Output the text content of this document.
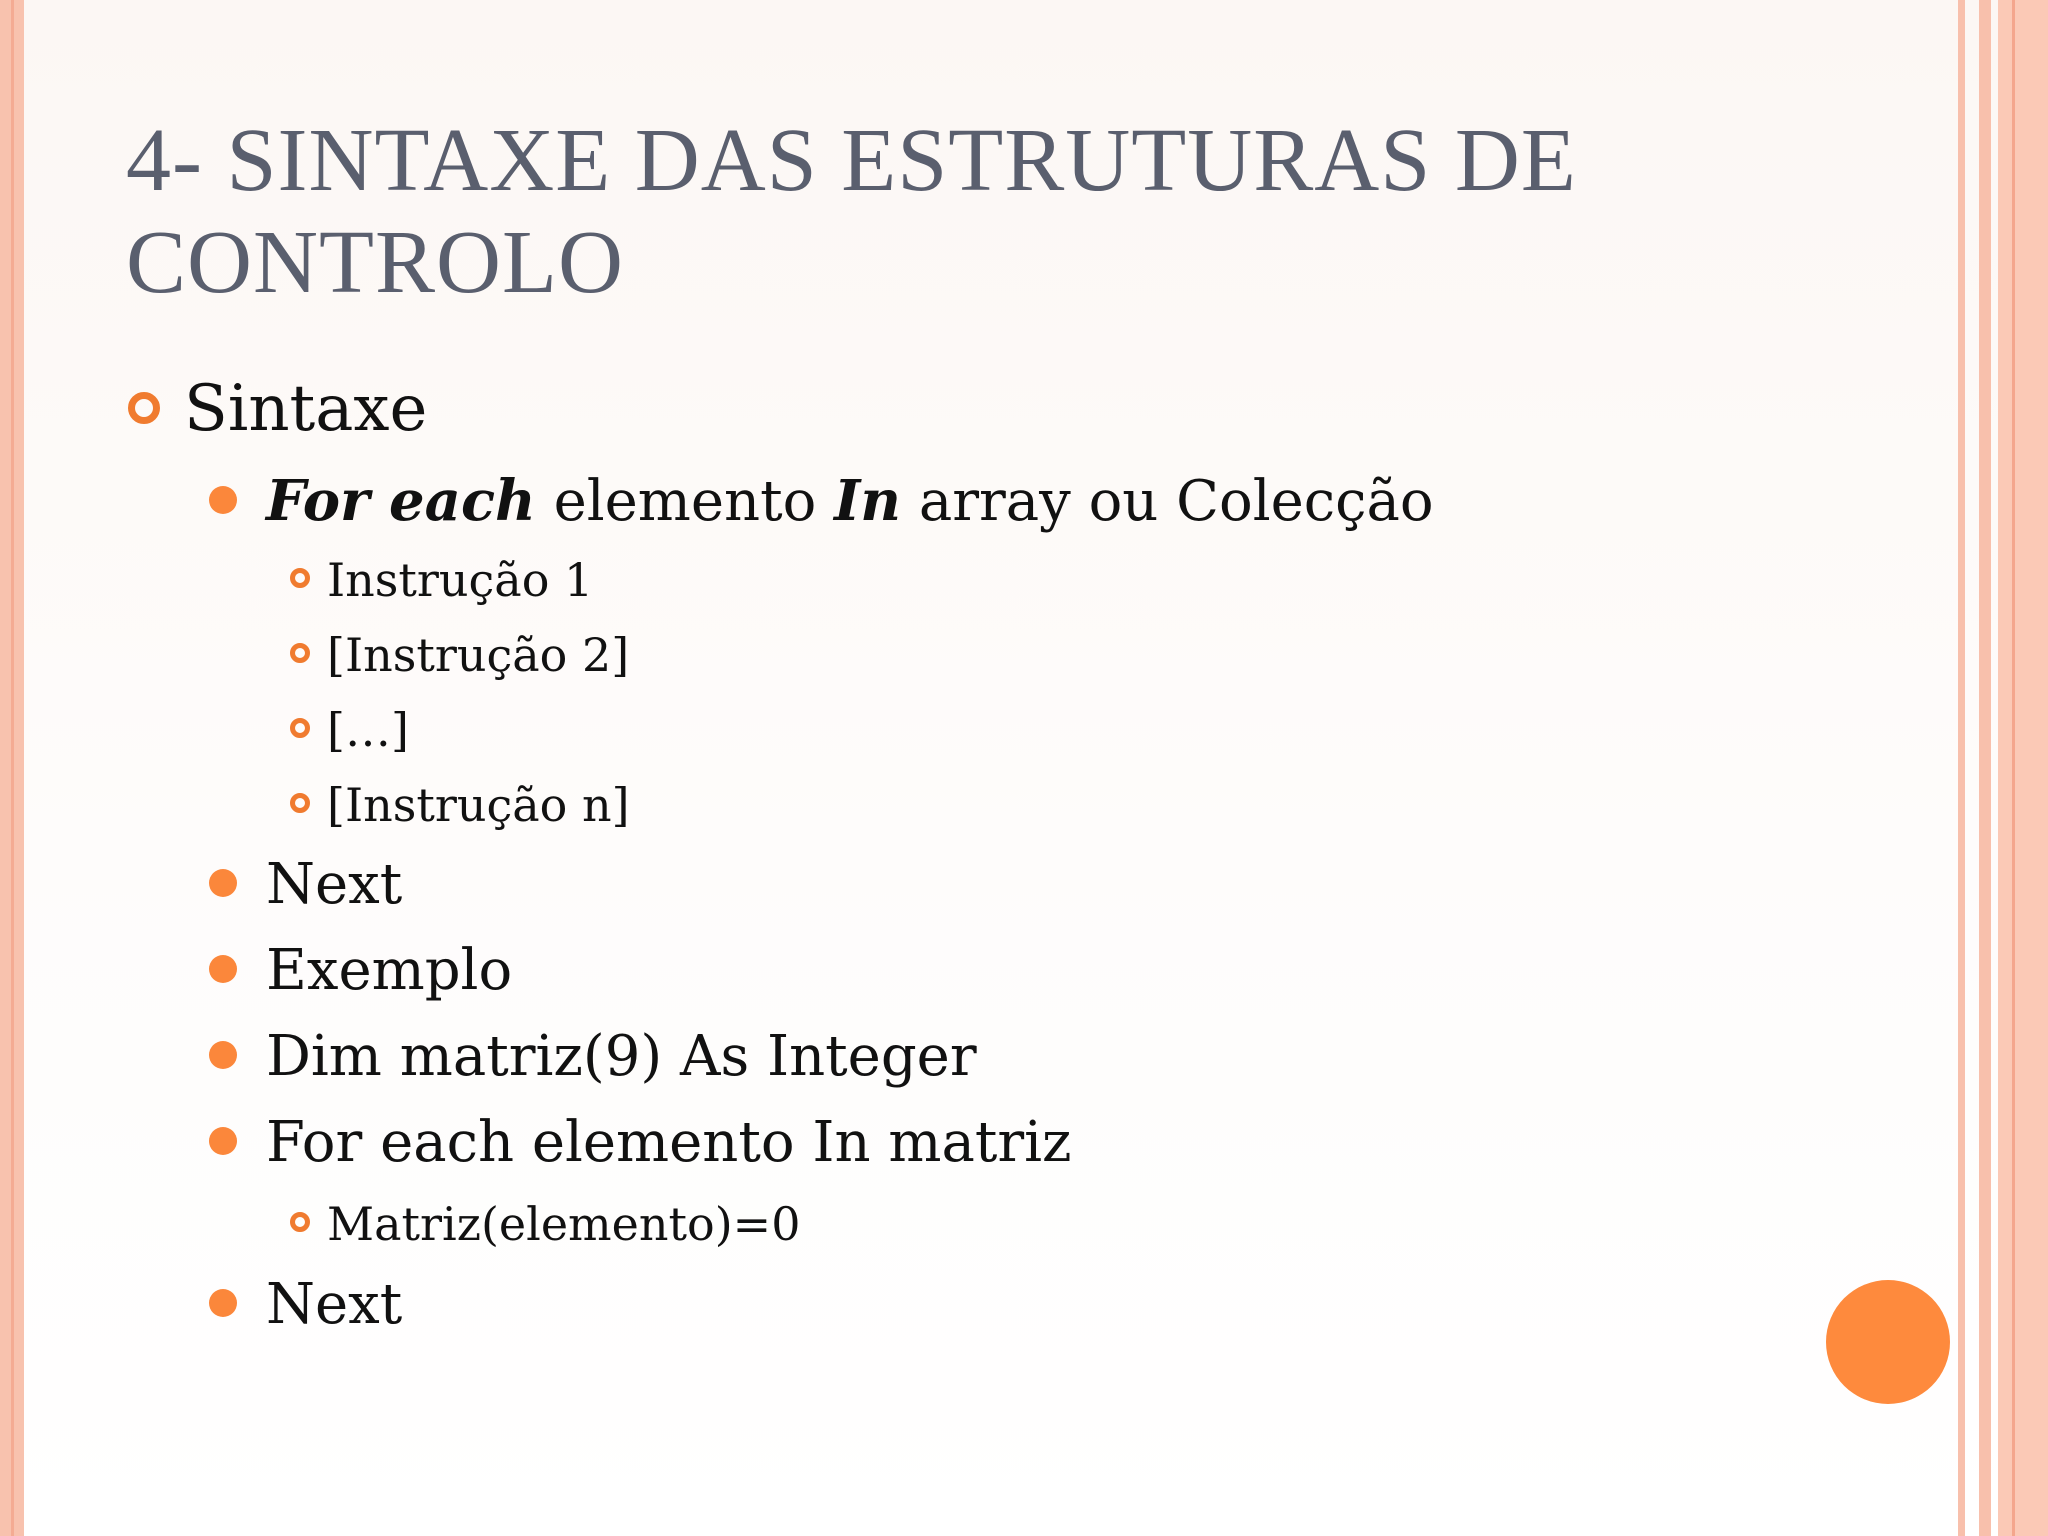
4- SINTAXE DAS ESTRUTURAS DE CONTROLO
Sintaxe
For each elemento In array ou Colecção
Instrução 1
[Instrução 2]
[…]
[Instrução n]
Next
Exemplo
Dim matriz(9) As Integer
For each elemento In matriz
Matriz(elemento)=0
Next
